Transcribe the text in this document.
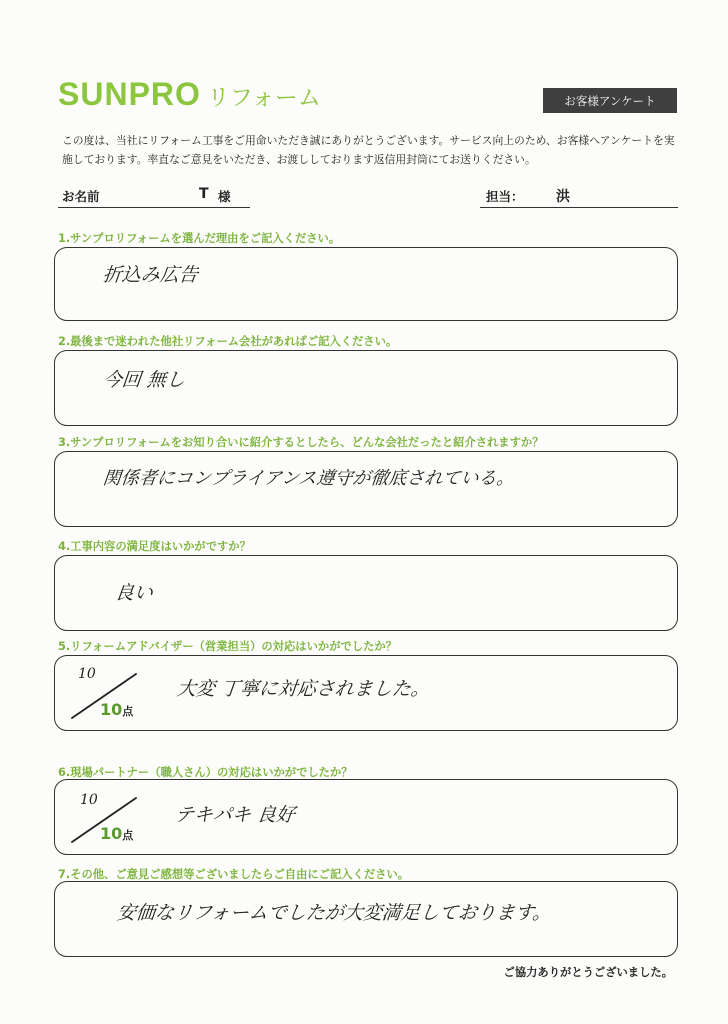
SUNPRO リフォーム	お客様アンケート
この度は、当社にリフォーム工事をご用命いただき誠にありがとうございます。サービス向上のため、お客様へアンケートを実施しております。率直なご意見をいただき、お渡ししております返信用封筒にてお送りください。
お名前	T 様	担当： 洪
1.サンプロリフォームを選んだ理由をご記入ください。
折込み広告
2.最後まで迷われた他社リフォーム会社があればご記入ください。
今回 無し
3.サンプロリフォームをお知り合いに紹介するとしたら、どんな会社だったと紹介されますか？
関係者にコンプライアンス遵守が徹底されている。
4.工事内容の満足度はいかがですか？
良い
5.リフォームアドバイザー（営業担当）の対応はいかがでしたか？
大変 丁寧に対応されました。
10
10点
6.現場パートナー（職人さん）の対応はいかがでしたか？
テキパキ 良好
10
10点
7.その他、ご意見ご感想等ございましたらご自由にご記入ください。
安価なリフォームでしたが大変満足しております。
ご協力ありがとうございました。
